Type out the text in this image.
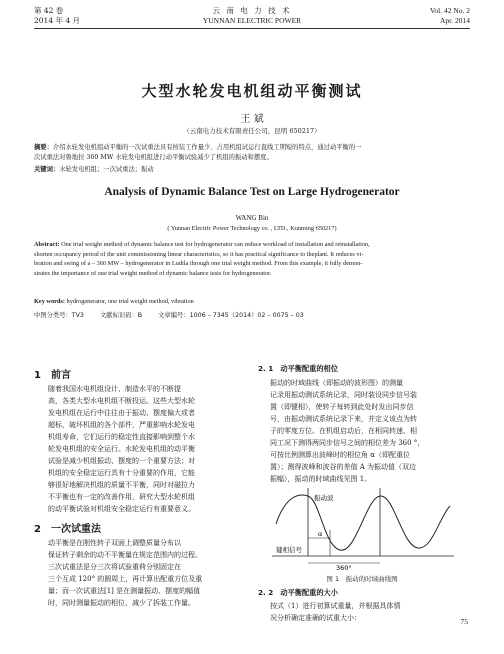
第 42 卷
2014 年 4 月
云 南 电 力 技 术
YUNNAN ELECTRIC POWER
Vol. 42 No. 2
Apr. 2014
大型水轮发电机组动平衡测试
王 斌
（云南电力技术有限责任公司，昆明 650217）
摘要：介绍水轮发电机组动平衡的一次试重法具有按装工作量少、占用机组试运行直线工期短的特点，通过动平衡的一
次试重法对鲁地拉 360 MW 水轮发电机组进行动平衡试验减少了机组的振动和摆度。
关键词：水轮发电机组；一次试重法；振动
Analysis of Dynamic Balance Test on Large Hydrogenerator
WANG Bin
( Yunnan Electric Power Technology co. , LTD., Kunming 650217)
Abstract: One trial weight method of dynamic balance test for hydrogenerator can reduce workload of installation and reinstallation,
shorten occupancy period of the unit commissioning linear characteristics, so it has practical significance to theplant. It reduces vi-
bration and swing of a – 360 MW – hydrogenerator in Ludila through one trial weight method. From this example, it fully demon-
strates the importance of one trial weight method of dynamic balance tests for hydrogenerator.
Key words: hydrogenerator, one trial weight method, vibration
中图分类号：TV3	文献标识码：B	文章编号：1006 – 7345（2014）02 – 0075 – 03
1　前言
随着我国水电机组设计、制造水平的不断提
高，各类大型水电机组不断投运。这些大型水轮
发电机组在运行中往往由于振动、摆度偏大或者
超标，破坏机组的各个部件，严重影响水轮发电
机组寿命，它们运行的稳定性直接影响到整个水
轮发电机组的安全运行。水轮发电机组的动平衡
试验是减少机组振动、摆度的一个重要方法；对
机组的安全稳定运行具有十分重要的作用，它能
够很好地解决机组的质量不平衡，同时对磁拉力
不平衡也有一定的改善作用，研究大型水轮机组
的动平衡试验对机组安全稳定运行有重要意义。
2　一次试重法
动平衡是在刚性转子双面上调整质量分布以
保证转子剩余的动不平衡量在规定范围内的过程。
三次试重法是分三次将试验重荷分别固定在
三个互成 120° 的圆周上，再计算出配重方位及重
量；而一次试重法[1] 是在测量振动、摆度的幅值
时，同时测量振动的相位，减少了拆装工作量。
2. 1　动平衡配重的相位
振动的时域曲线（即振动的波形图）的测量
记录用振动测试系统记录，同时装设同步信号装
置（即键相），使转子每转到此处时发出同步信
号，由振动测试系统记录下来，并定义该点为转
子的零度方位。在机组启动后，在相同转速、相
同工况下测得两同步信号之间的相位差为 360 °，
可按比例测算出波峰时的相位角 α（即配重位
置）；测得波峰和波谷的差值 A 为振动值（双边
振幅），振动的时域曲线见图 1。
振动波
α
键相信号
360°
图 1　振动的时域曲线图
2. 2　动平衡配重的大小
按式（1）进行初算试重量，并根据具体情
况分析确定准确的试重大小：	75
